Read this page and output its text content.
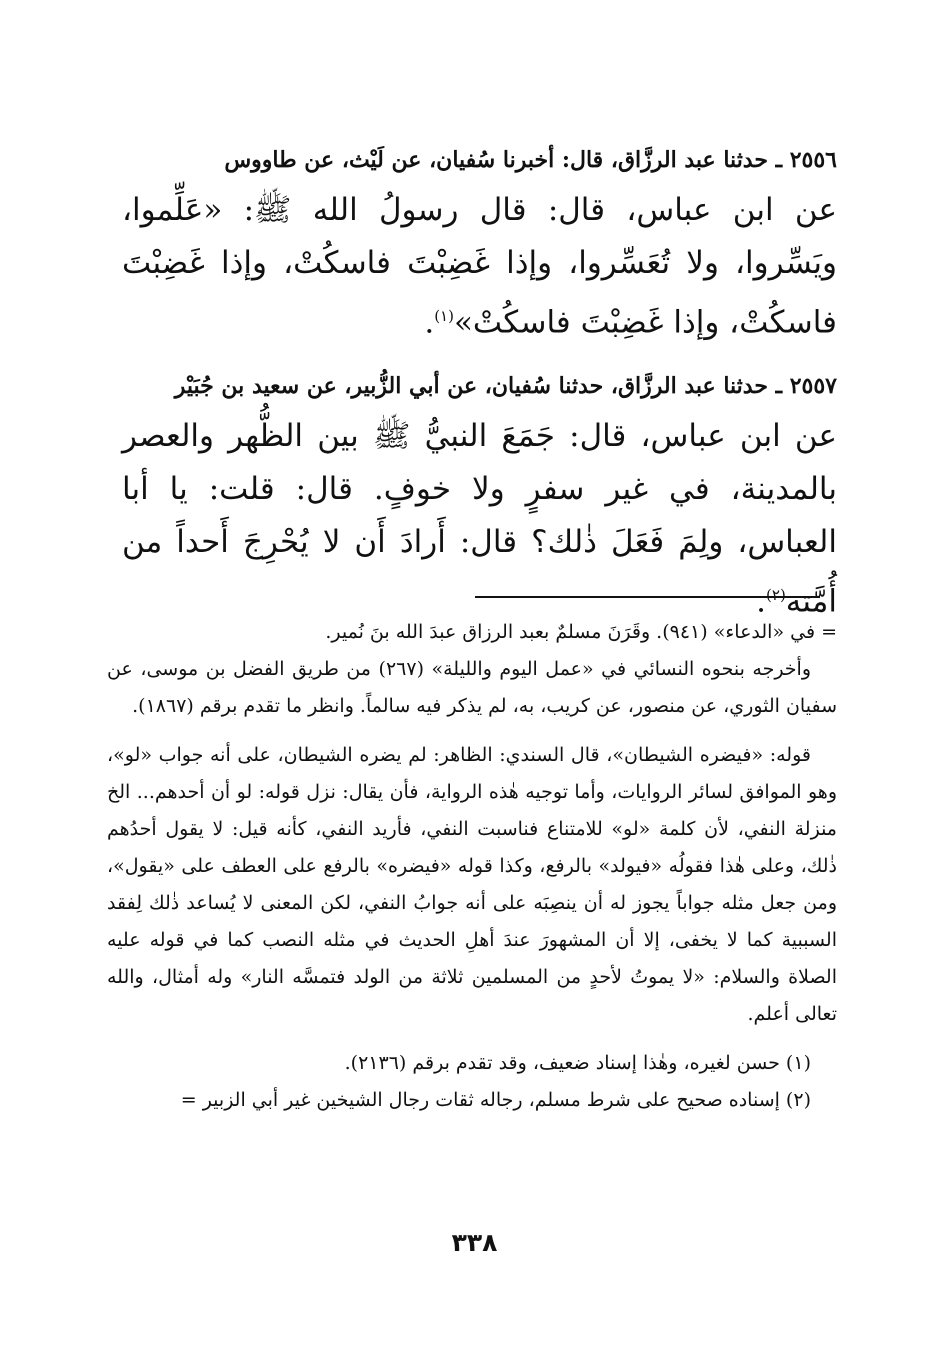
٢٥٥٦ ـ حدثنا عبد الرزَّاق، قال: أخبرنا سُفيان، عن لَيْث، عن طاووس

عن ابن عباس، قال: قال رسولُ الله ﷺ: «عَلِّموا، ويَسِّروا، ولا تُعَسِّروا، وإذا غَضِبْتَ فاسكُتْ، وإذا غَضِبْتَ فاسكُتْ، وإذا غَضِبْتَ فاسكُتْ»$^{(١)}$.

٢٥٥٧ ـ حدثنا عبد الرزَّاق، حدثنا سُفيان، عن أبي الزُّبير، عن سعيد بن جُبَيْر

عن ابن عباس، قال: جَمَعَ النبيُّ ﷺ بين الظُّهر والعصر بالمدينة، في غير سفرٍ ولا خوفٍ. قال: قلت: يا أبا العباس، ولِمَ فَعَلَ ذٰلك؟ قال: أَرادَ أَن لا يُحْرِجَ أَحداً من أُمَّته$^{(٢)}$.

= في «الدعاء» (٩٤١). وقَرَنَ مسلمٌ بعبد الرزاق عبدَ الله بنَ نُمير.

وأخرجه بنحوه النسائي في «عمل اليوم والليلة» (٢٦٧) من طريق الفضل بن موسى، عن سفيان الثوري، عن منصور، عن كريب، به، لم يذكر فيه سالماً. وانظر ما تقدم برقم (١٨٦٧).

قوله: «فيضره الشيطان»، قال السندي: الظاهر: لم يضره الشيطان، على أنه جواب «لو»، وهو الموافق لسائر الروايات، وأما توجيه هٰذه الرواية، فأن يقال: نزل قوله: لو أن أحدهم... الخ منزلة النفي، لأن كلمة «لو» للامتناع فناسبت النفي، فأريد النفي، كأنه قيل: لا يقول أحدُهم ذٰلك، وعلى هٰذا فقولُه «فيولد» بالرفع، وكذا قوله «فيضره» بالرفع على العطف على «يقول»، ومن جعل مثله جواباً يجوز له أن ينصِبَه على أنه جوابُ النفي، لكن المعنى لا يُساعد ذٰلك لِفقد السببية كما لا يخفى، إلا أن المشهورَ عندَ أهلِ الحديث في مثله النصب كما في قوله عليه الصلاة والسلام: «لا يموتُ لأحدٍ من المسلمين ثلاثة من الولد فتمسَّه النار» وله أمثال، والله تعالى أعلم.

(١) حسن لغيره، وهٰذا إسناد ضعيف، وقد تقدم برقم (٢١٣٦).

(٢) إسناده صحيح على شرط مسلم، رجاله ثقات رجال الشيخين غير أبي الزبير =

٣٣٨
